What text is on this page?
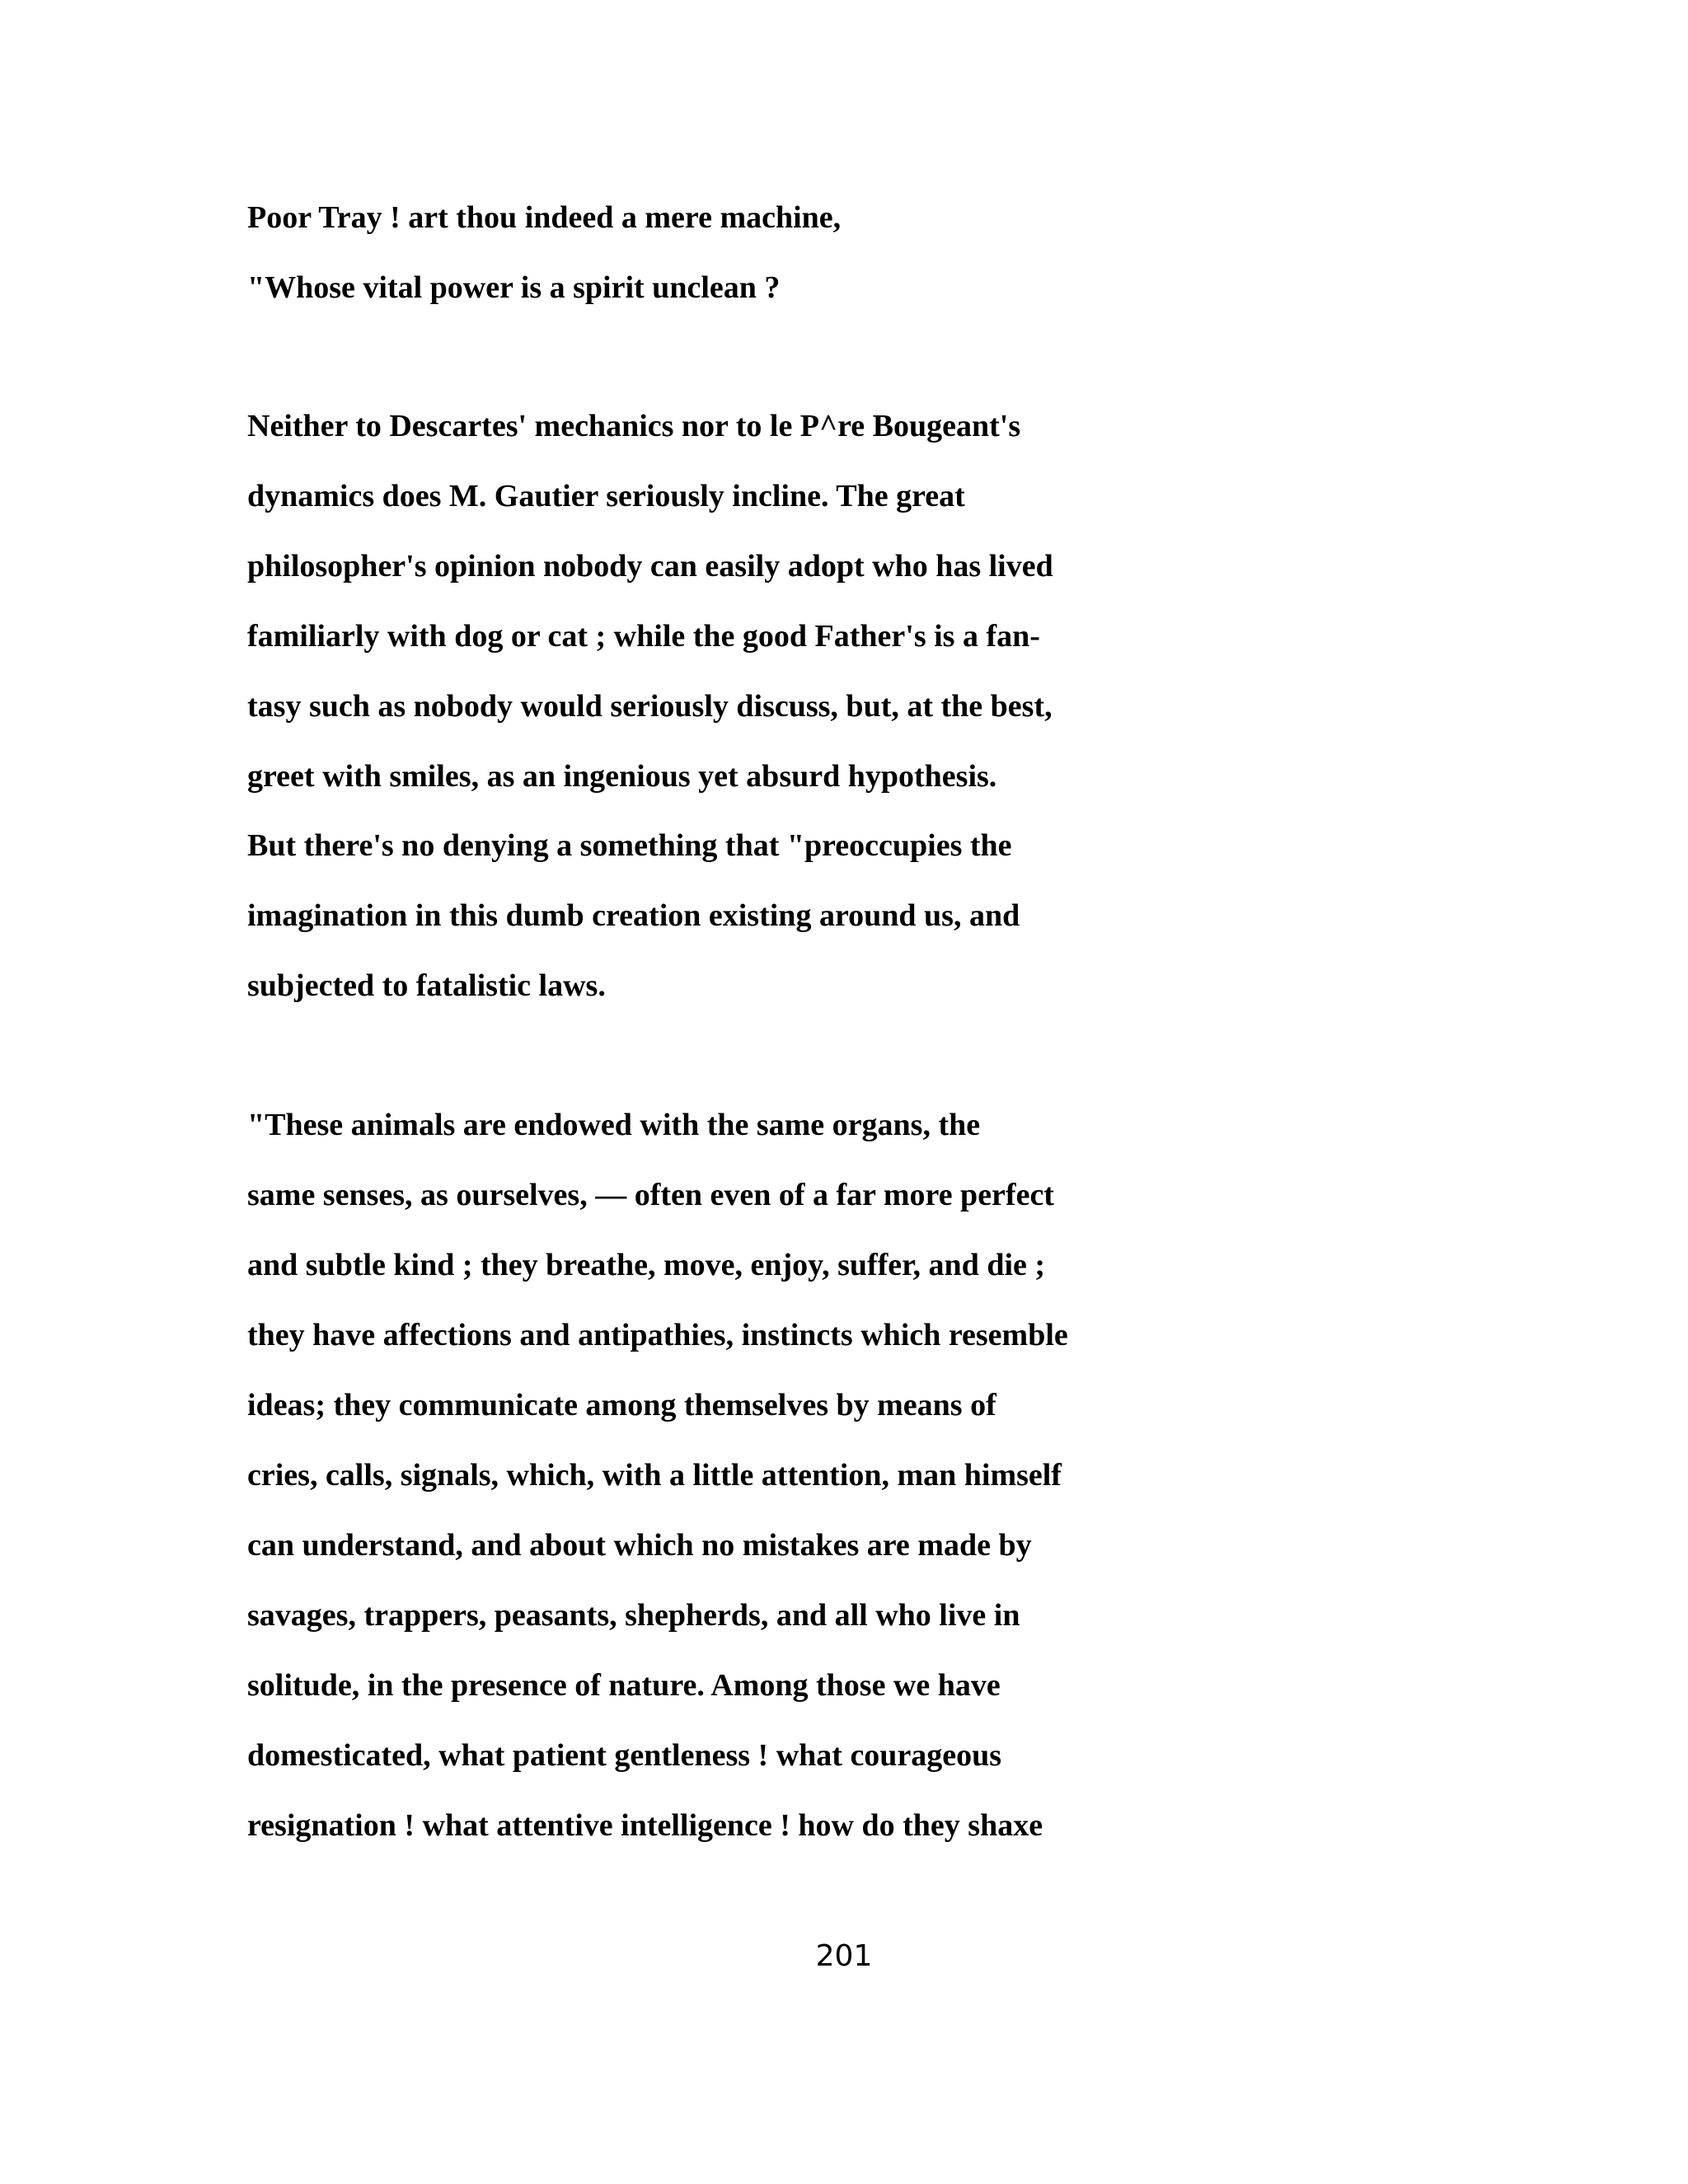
Poor Tray ! art thou indeed a mere machine,

"Whose vital power is a spirit unclean ?

Neither to Descartes' mechanics nor to le P^re Bougeant's

dynamics does M. Gautier seriously incline. The great

philosopher's opinion nobody can easily adopt who has lived

familiarly with dog or cat ; while the good Father's is a fan-

tasy such as nobody would seriously discuss, but, at the best,

greet with smiles, as an ingenious yet absurd hypothesis.

But there's no denying a something that "preoccupies the

imagination in this dumb creation existing around us, and

subjected to fatalistic laws.

"These animals are endowed with the same organs, the

same senses, as ourselves, — often even of a far more perfect

and subtle kind ; they breathe, move, enjoy, suffer, and die ;

they have affections and antipathies, instincts which resemble

ideas; they communicate among themselves by means of

cries, calls, signals, which, with a little attention, man himself

can understand, and about which no mistakes are made by

savages, trappers, peasants, shepherds, and all who live in

solitude, in the presence of nature. Among those we have

domesticated, what patient gentleness ! what courageous

resignation ! what attentive intelligence ! how do they shaxe

201
